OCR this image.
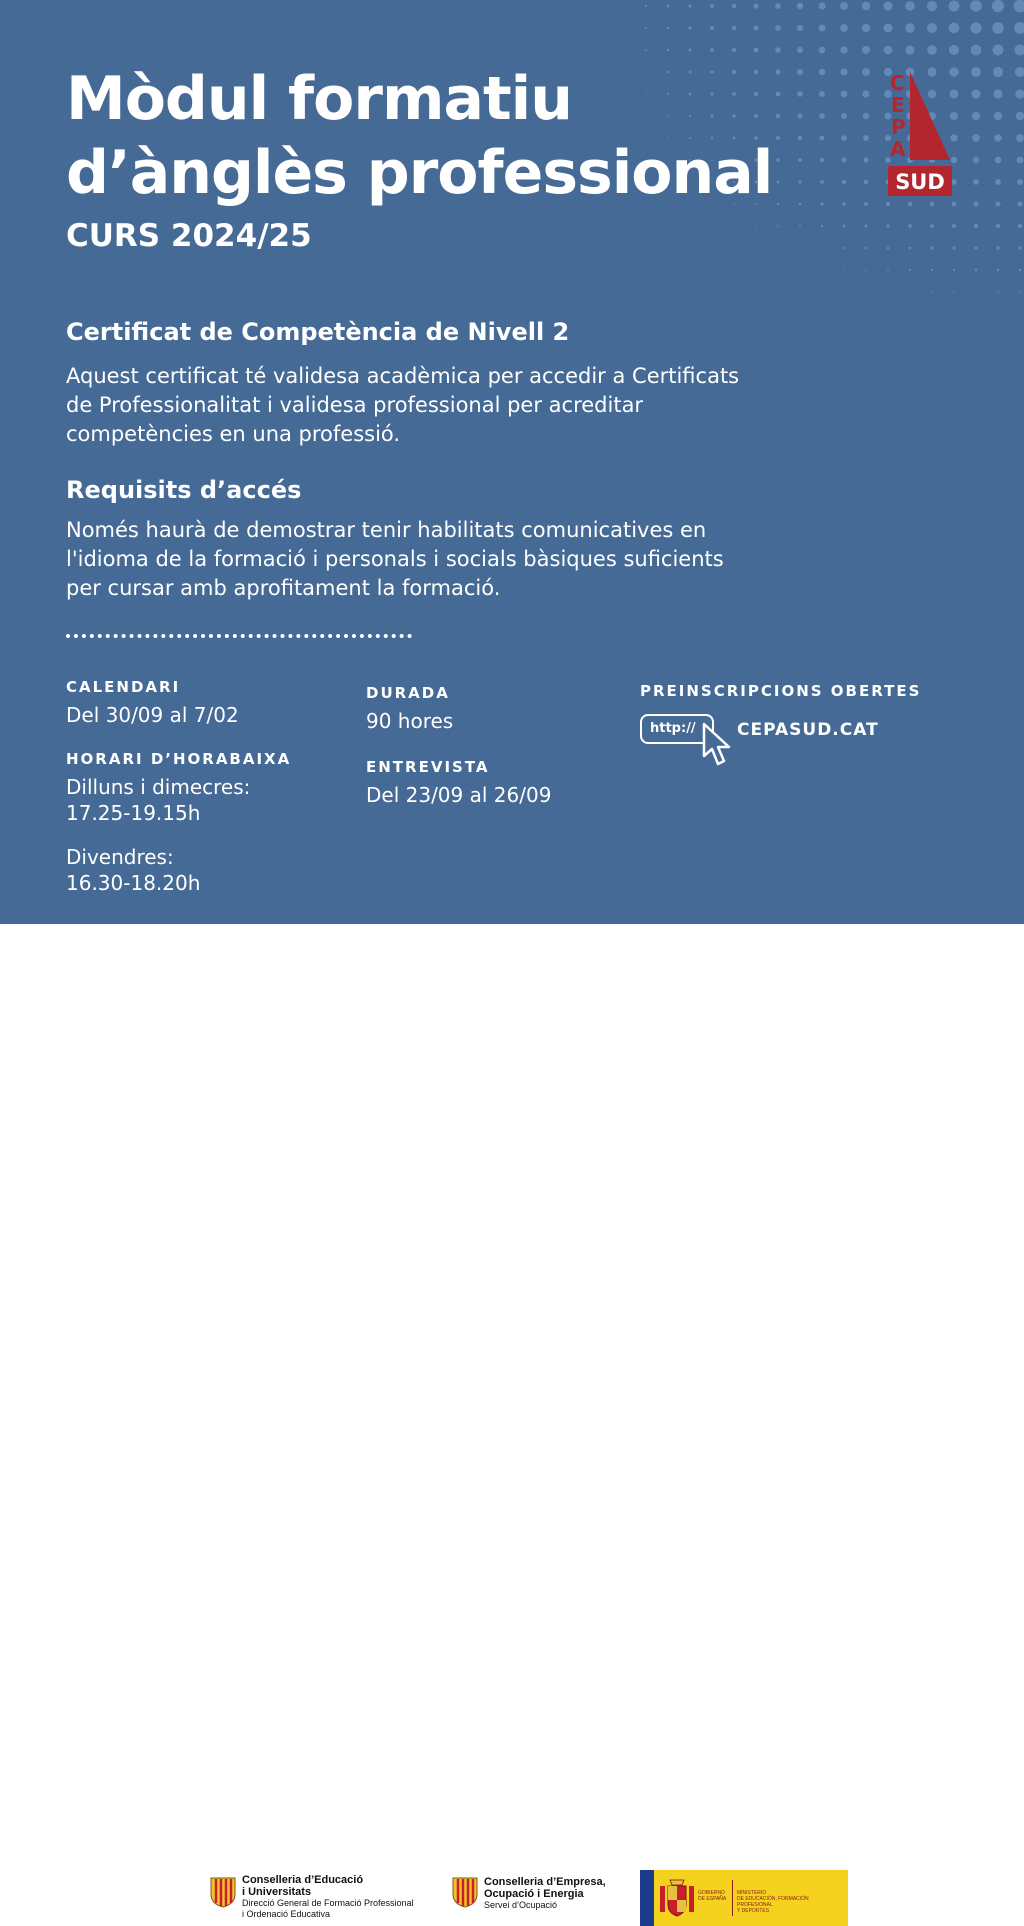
Mòdul formatiu
d’ànglès professional

CURS 2024/25

C
E
P
A
SUD
Certificat de Competència de Nivell 2

Aquest certificat té validesa acadèmica per accedir a Certificats
de Professionalitat i validesa professional per acreditar
competències en una professió.

Requisits d’accés

Només haurà de demostrar tenir habilitats comunicatives en
l'idioma de la formació i personals i socials bàsiques suficients
per cursar amb aprofitament la formació.

CALENDARI

Del 30/09 al 7/02

HORARI D’HORABAIXA

Dilluns i dimecres:
17.25-19.15h

Divendres:
16.30-18.20h

DURADA

90 hores

ENTREVISTA

Del 23/09 al 26/09

PREINSCRIPCIONS OBERTES

http:// CEPASUD.CAT

Conselleria d’Educació
i Universitats
Direcció General de Formació Professional
i Ordenació Educativa
Conselleria d’Empresa,
Ocupació i Energia
Servei d’Ocupació
GOBIERNO
DE ESPAÑA
MINISTERIO
DE EDUCACIÓN, FORMACIÓN PROFESIONAL
Y DEPORTES
